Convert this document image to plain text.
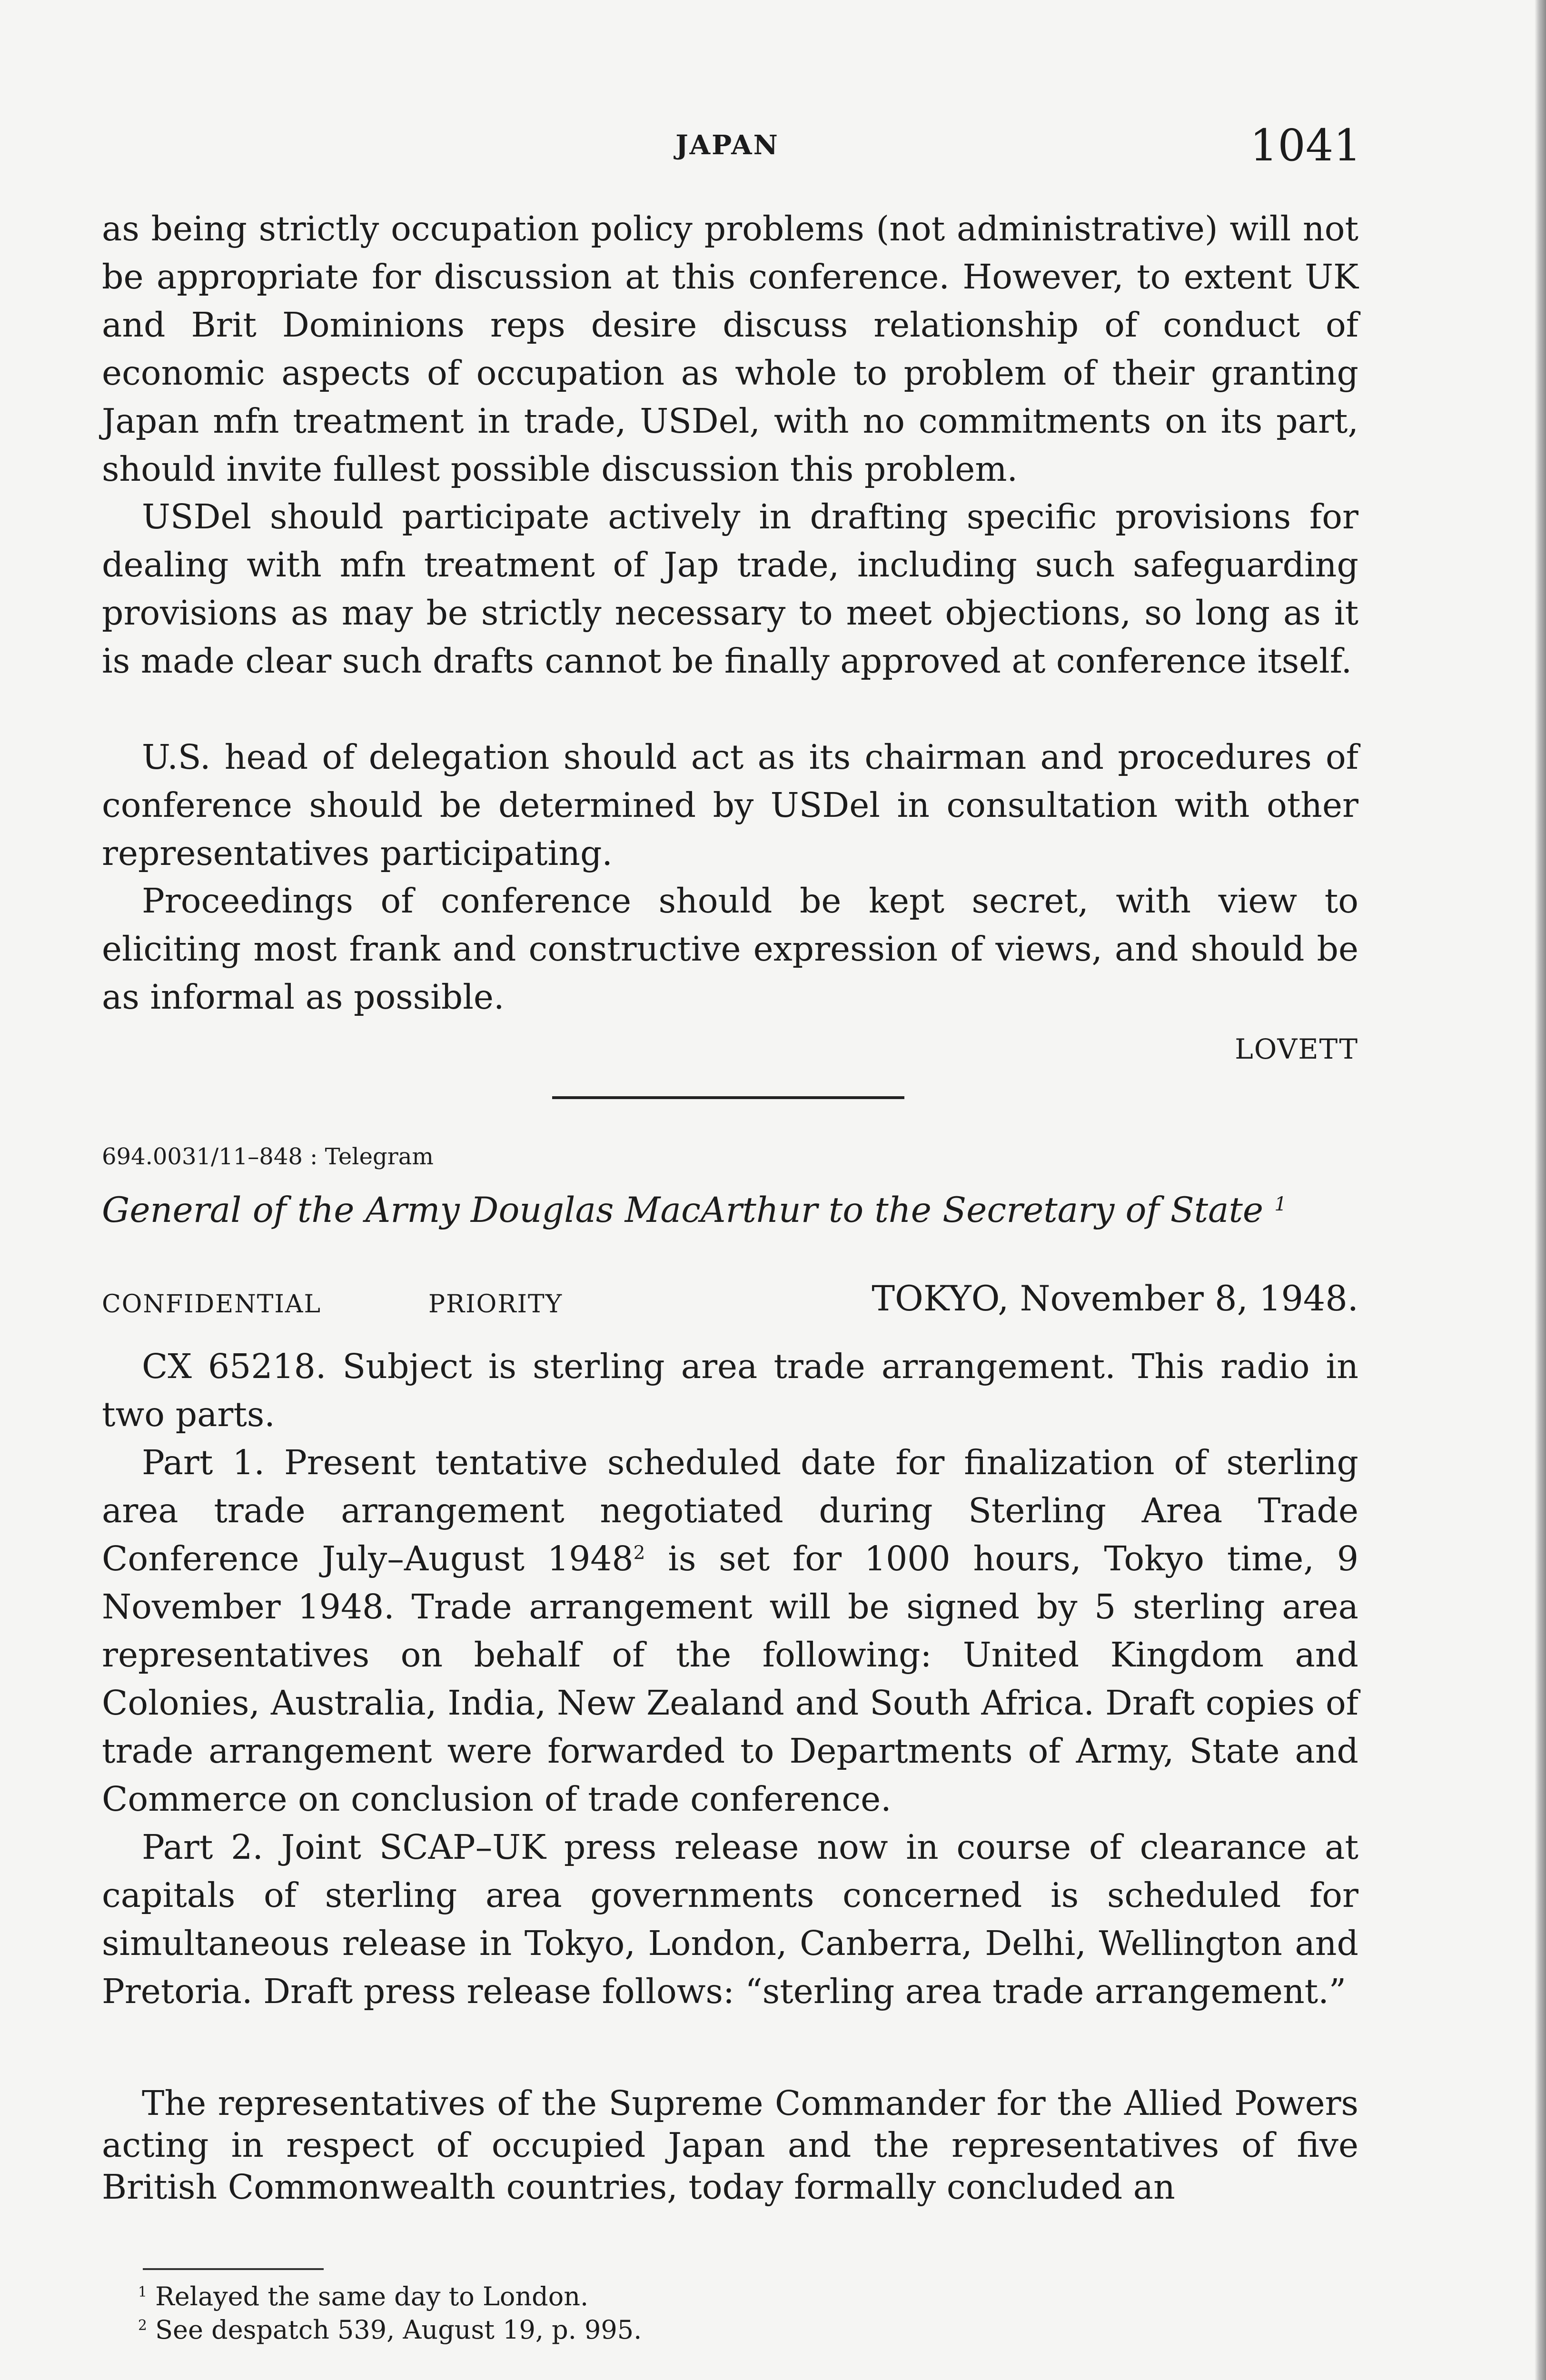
JAPAN	1041

as being strictly occupation policy problems (not administrative) will not be appropriate for discussion at this conference. However, to extent UK and Brit Dominions reps desire discuss relationship of conduct of economic aspects of occupation as whole to problem of their granting Japan mfn treatment in trade, USDel, with no commitments on its part, should invite fullest possible discussion this problem.

USDel should participate actively in drafting specific provisions for dealing with mfn treatment of Jap trade, including such safeguarding provisions as may be strictly necessary to meet objections, so long as it is made clear such drafts cannot be finally approved at conference itself.

U.S. head of delegation should act as its chairman and procedures of conference should be determined by USDel in consultation with other representatives participating.

Proceedings of conference should be kept secret, with view to eliciting most frank and constructive expression of views, and should be as informal as possible.

LOVETT
694.0031/11–848 : Telegram
General of the Army Douglas MacArthur to the Secretary of State $^1$
CONFIDENTIAL	PRIORITY	TOKYO, November 8, 1948.

CX 65218. Subject is sterling area trade arrangement. This radio in two parts.

Part 1. Present tentative scheduled date for finalization of sterling area trade arrangement negotiated during Sterling Area Trade Conference July–August 1948$^2$ is set for 1000 hours, Tokyo time, 9 November 1948. Trade arrangement will be signed by 5 sterling area representatives on behalf of the following: United Kingdom and Colonies, Australia, India, New Zealand and South Africa. Draft copies of trade arrangement were forwarded to Departments of Army, State and Commerce on conclusion of trade conference.

Part 2. Joint SCAP–UK press release now in course of clearance at capitals of sterling area governments concerned is scheduled for simultaneous release in Tokyo, London, Canberra, Delhi, Wellington and Pretoria. Draft press release follows: “sterling area trade arrangement.”

The representatives of the Supreme Commander for the Allied Powers acting in respect of occupied Japan and the representatives of five British Commonwealth countries, today formally concluded an

$^1$ Relayed the same day to London.

$^2$ See despatch 539, August 19, p. 995.
